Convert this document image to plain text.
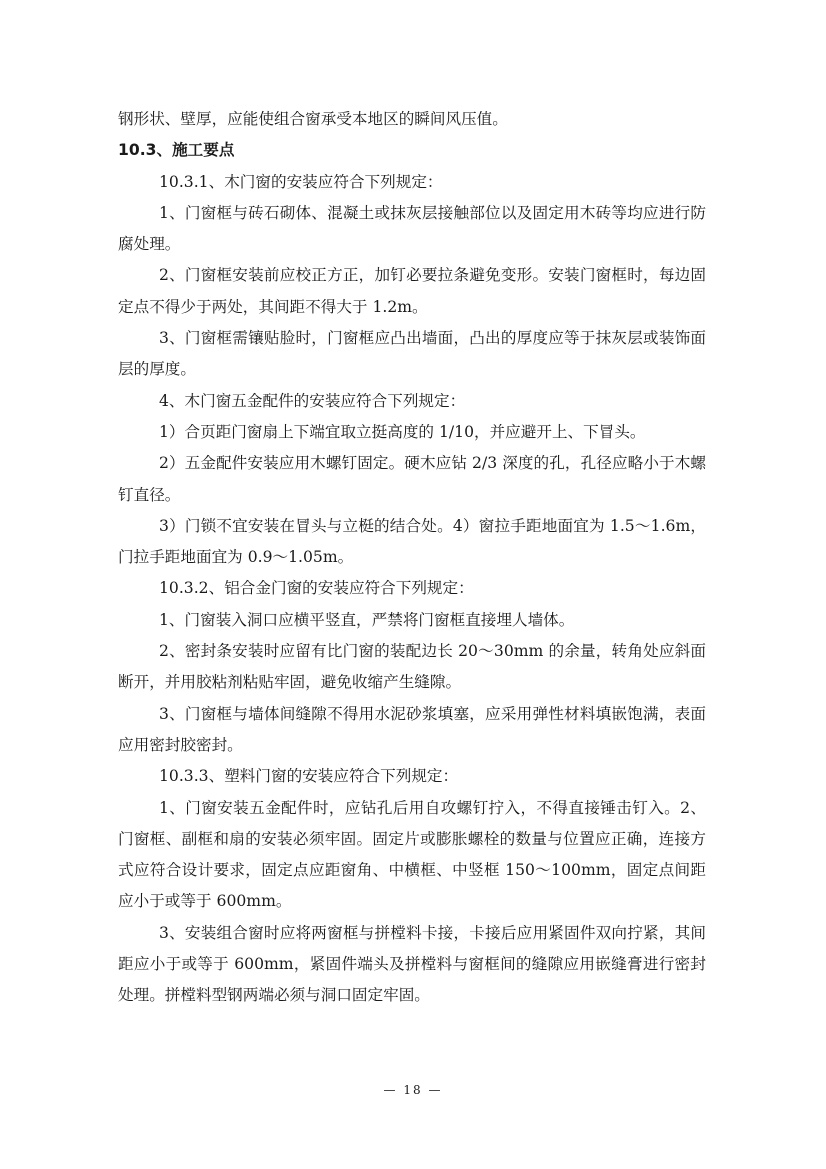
钢形状、壁厚，应能使组合窗承受本地区的瞬间风压值。

10.3、施工要点

10.3.1、木门窗的安装应符合下列规定：

1、门窗框与砖石砌体、混凝土或抹灰层接触部位以及固定用木砖等均应进行防腐处理。

2、门窗框安装前应校正方正，加钉必要拉条避免变形。安装门窗框时，每边固定点不得少于两处，其间距不得大于 1.2m。

3、门窗框需镶贴脸时，门窗框应凸出墙面，凸出的厚度应等于抹灰层或装饰面层的厚度。

4、木门窗五金配件的安装应符合下列规定：

1）合页距门窗扇上下端宜取立挺高度的 1/10，并应避开上、下冒头。

2）五金配件安装应用木螺钉固定。硬木应钻 2/3 深度的孔，孔径应略小于木螺钉直径。

3）门锁不宜安装在冒头与立梃的结合处。4）窗拉手距地面宜为 1.5～1.6m，门拉手距地面宜为 0.9～1.05m。

10.3.2、铝合金门窗的安装应符合下列规定：

1、门窗装入洞口应横平竖直，严禁将门窗框直接埋人墙体。

2、密封条安装时应留有比门窗的装配边长 20～30mm 的余量，转角处应斜面断开，并用胶粘剂粘贴牢固，避免收缩产生缝隙。

3、门窗框与墙体间缝隙不得用水泥砂浆填塞，应采用弹性材料填嵌饱满，表面应用密封胶密封。

10.3.3、塑料门窗的安装应符合下列规定：

1、门窗安装五金配件时，应钻孔后用自攻螺钉拧入，不得直接锤击钉入。2、门窗框、副框和扇的安装必须牢固。固定片或膨胀螺栓的数量与位置应正确，连接方式应符合设计要求，固定点应距窗角、中横框、中竖框 150～100mm，固定点间距应小于或等于 600mm。

3、安装组合窗时应将两窗框与拼樘料卡接，卡接后应用紧固件双向拧紧，其间距应小于或等于 600mm，紧固件端头及拼樘料与窗框间的缝隙应用嵌缝膏进行密封处理。拼樘料型钢两端必须与洞口固定牢固。

— 18 —
